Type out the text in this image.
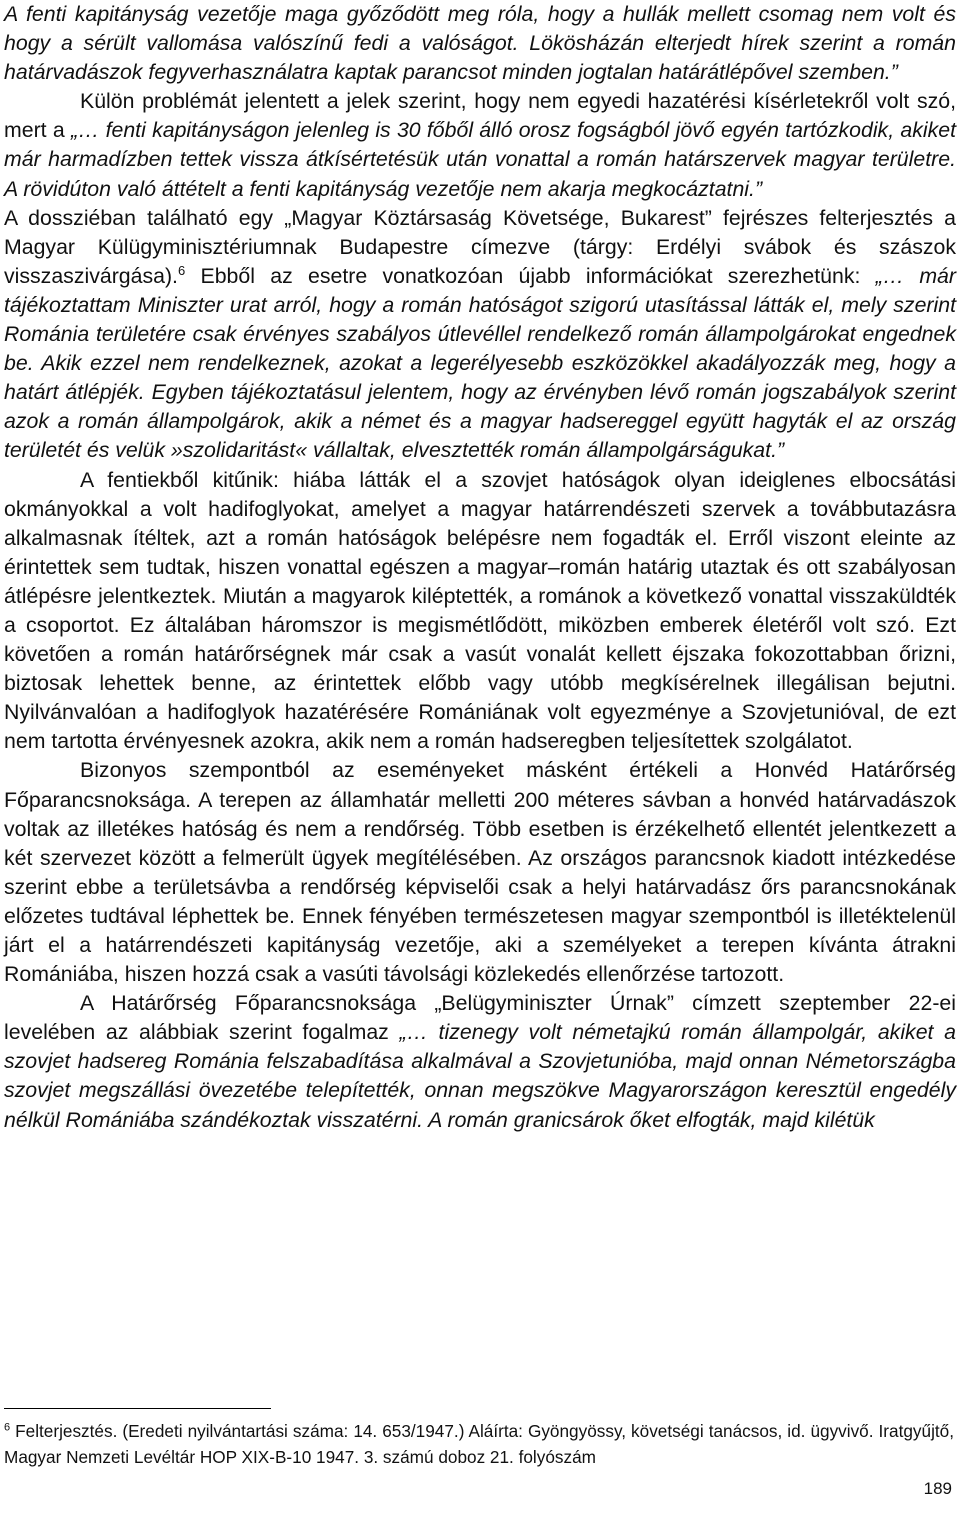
A fenti kapitányság vezetője maga győződött meg róla, hogy a hullák mellett csomag nem volt és hogy a sérült vallomása valószínű fedi a valóságot. Lökösházán elterjedt hírek szerint a román határvadászok fegyverhasználatra kaptak parancsot minden jogtalan határátlépővel szemben.”

Külön problémát jelentett a jelek szerint, hogy nem egyedi hazatérési kísérletekről volt szó, mert a „… fenti kapitányságon jelenleg is 30 főből álló orosz fogságból jövő egyén tartózkodik, akiket már harmadízben tettek vissza átkísértetésük után vonattal a román határszervek magyar területre. A rövidúton való áttételt a fenti kapitányság vezetője nem akarja megkocáztatni.”

A dossziéban található egy „Magyar Köztársaság Követsége, Bukarest” fejrészes felterjesztés a Magyar Külügyminisztériumnak Budapestre címezve (tárgy: Erdélyi svábok és szászok visszaszivárgása).$^6$ Ebből az esetre vonatkozóan újabb információkat szerezhetünk: „… már tájékoztattam Miniszter urat arról, hogy a román hatóságot szigorú utasítással látták el, mely szerint Románia területére csak érvényes szabályos útlevéllel rendelkező román állampolgárokat engednek be. Akik ezzel nem rendelkeznek, azokat a legerélyesebb eszközökkel akadályozzák meg, hogy a határt átlépjék. Egyben tájékoztatásul jelentem, hogy az érvényben lévő román jogszabályok szerint azok a román állampolgárok, akik a német és a magyar hadsereggel együtt hagyták el az ország területét és velük »szolidaritást« vállaltak, elvesztették román állampolgárságukat.”

A fentiekből kitűnik: hiába látták el a szovjet hatóságok olyan ideiglenes elbocsátási okmányokkal a volt hadifoglyokat, amelyet a magyar határrendészeti szervek a továbbutazásra alkalmasnak ítéltek, azt a román hatóságok belépésre nem fogadták el. Erről viszont eleinte az érintettek sem tudtak, hiszen vonattal egészen a magyar–román határig utaztak és ott szabályosan átlépésre jelentkeztek. Miután a magyarok kiléptették, a románok a következő vonattal visszaküldték a csoportot. Ez általában háromszor is megismétlődött, miközben emberek életéről volt szó. Ezt követően a román határőrségnek már csak a vasút vonalát kellett éjszaka fokozottabban őrizni, biztosak lehettek benne, az érintettek előbb vagy utóbb megkísérelnek illegálisan bejutni. Nyilvánvalóan a hadifoglyok hazatérésére Romániának volt egyezménye a Szovjetunióval, de ezt nem tartotta érvényesnek azokra, akik nem a román hadseregben teljesítettek szolgálatot.

Bizonyos szempontból az eseményeket másként értékeli a Honvéd Határőrség Főparancsnoksága. A terepen az államhatár melletti 200 méteres sávban a honvéd határvadászok voltak az illetékes hatóság és nem a rendőrség. Több esetben is érzékelhető ellentét jelentkezett a két szervezet között a felmerült ügyek megítélésében. Az országos parancsnok kiadott intézkedése szerint ebbe a területsávba a rendőrség képviselői csak a helyi határvadász őrs parancsnokának előzetes tudtával léphettek be. Ennek fényében természetesen magyar szempontból is illetéktelenül járt el a határrendészeti kapitányság vezetője, aki a személyeket a terepen kívánta átrakni Romániába, hiszen hozzá csak a vasúti távolsági közlekedés ellenőrzése tartozott.

A Határőrség Főparancsnoksága „Belügyminiszter Úrnak” címzett szeptember 22-ei levelében az alábbiak szerint fogalmaz „… tizenegy volt németajkú román állampolgár, akiket a szovjet hadsereg Románia felszabadítása alkalmával a Szovjetunióba, majd onnan Németországba szovjet megszállási övezetébe telepítették, onnan megszökve Magyarországon keresztül engedély nélkül Romániába szándékoztak visszatérni. A román granicsárok őket elfogták, majd kilétük

$^6$ Felterjesztés. (Eredeti nyilvántartási száma: 14. 653/1947.) Aláírta: Gyöngyössy, követségi tanácsos, id. ügyvivő. Iratgyűjtő, Magyar Nemzeti Levéltár HOP XIX-B-10 1947. 3. számú doboz 21. folyószám
189
